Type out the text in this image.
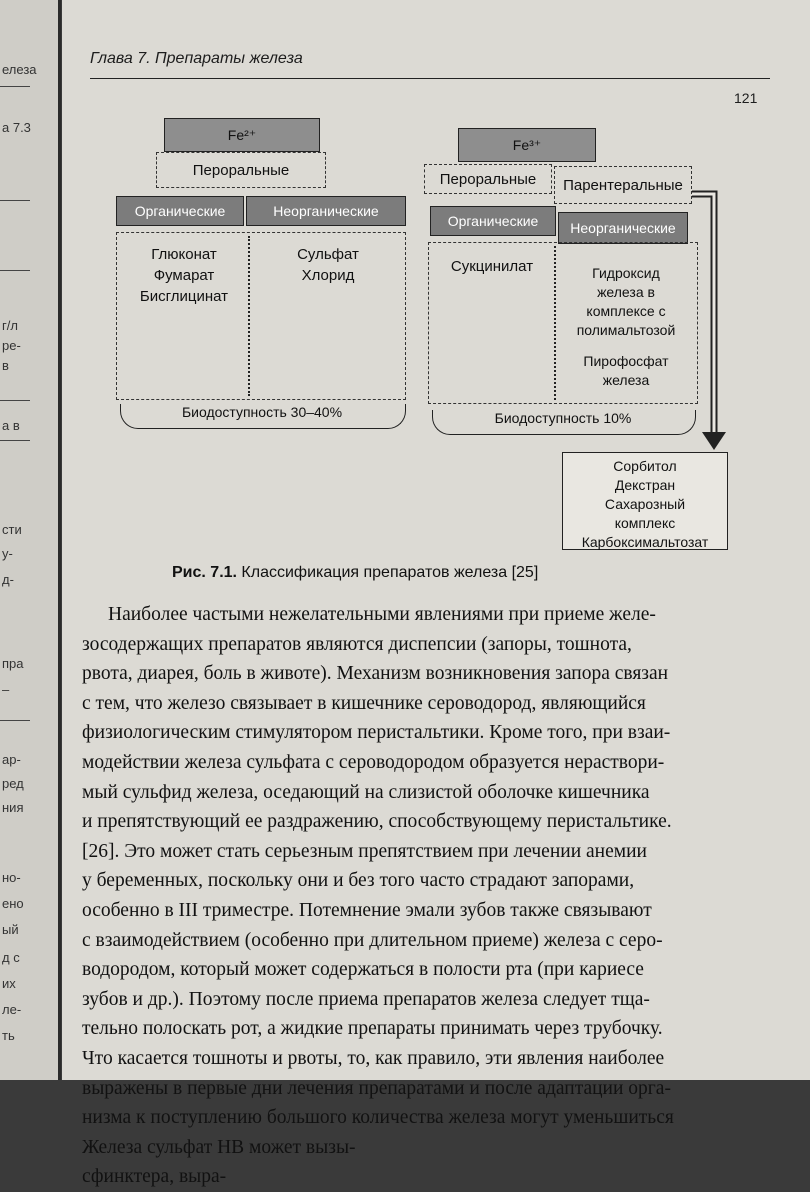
елеза
а 7.3
г/л
ре-
в
а в
сти
у-
д-
прa
–
ар-
ред
ния
но-
ено
ый
д с
их
ле-
ть
Глава 7. Препараты железа
121
Fe²⁺
Пероральные
Органические	Неорганические
Глюконат
Фумарат
Бисглицинат
Сульфат
Хлорид
Биодоступность 30–40%
Fe³⁺
Пероральные	Парентеральные
Органические	Неорганические
Сукцинилат	Гидроксид
железа в
комплексе с
полимальтозой
Пирофосфат
железа
Биодоступность 10%
Сорбитол
Декстран
Сахарозный
комплекс
Карбоксимальтозат
Рис. 7.1. Классификация препаратов железа [25]
Наиболее частыми нежелательными явлениями при приеме желе-
зосодержащих препаратов являются диспепсии (запоры, тошнота,
рвота, диарея, боль в животе). Механизм возникновения запора связан
с тем, что железо связывает в кишечнике сероводород, являющийся
физиологическим стимулятором перистальтики. Кроме того, при взаи-
модействии железа сульфата с сероводородом образуется нераствори-
мый сульфид железа, оседающий на слизистой оболочке кишечника
и препятствующий ее раздражению, способствующему перистальтике.
[26]. Это может стать серьезным препятствием при лечении анемии
у беременных, поскольку они и без того часто страдают запорами,
особенно в III триместре. Потемнение эмали зубов также связывают
с взаимодействием (особенно при длительном приеме) железа с серо-
водородом, который может содержаться в полости рта (при кариесе
зубов и др.). Поэтому после приема препаратов железа следует тща-
тельно полоскать рот, а жидкие препараты принимать через трубочку.
Что касается тошноты и рвоты, то, как правило, эти явления наиболее
выражены в первые дни лечения препаратами и после адаптации орга-
низма к поступлению большого количества железа могут уменьшиться
Железа сульфат НВ может вызы-
сфинктера, выра-
